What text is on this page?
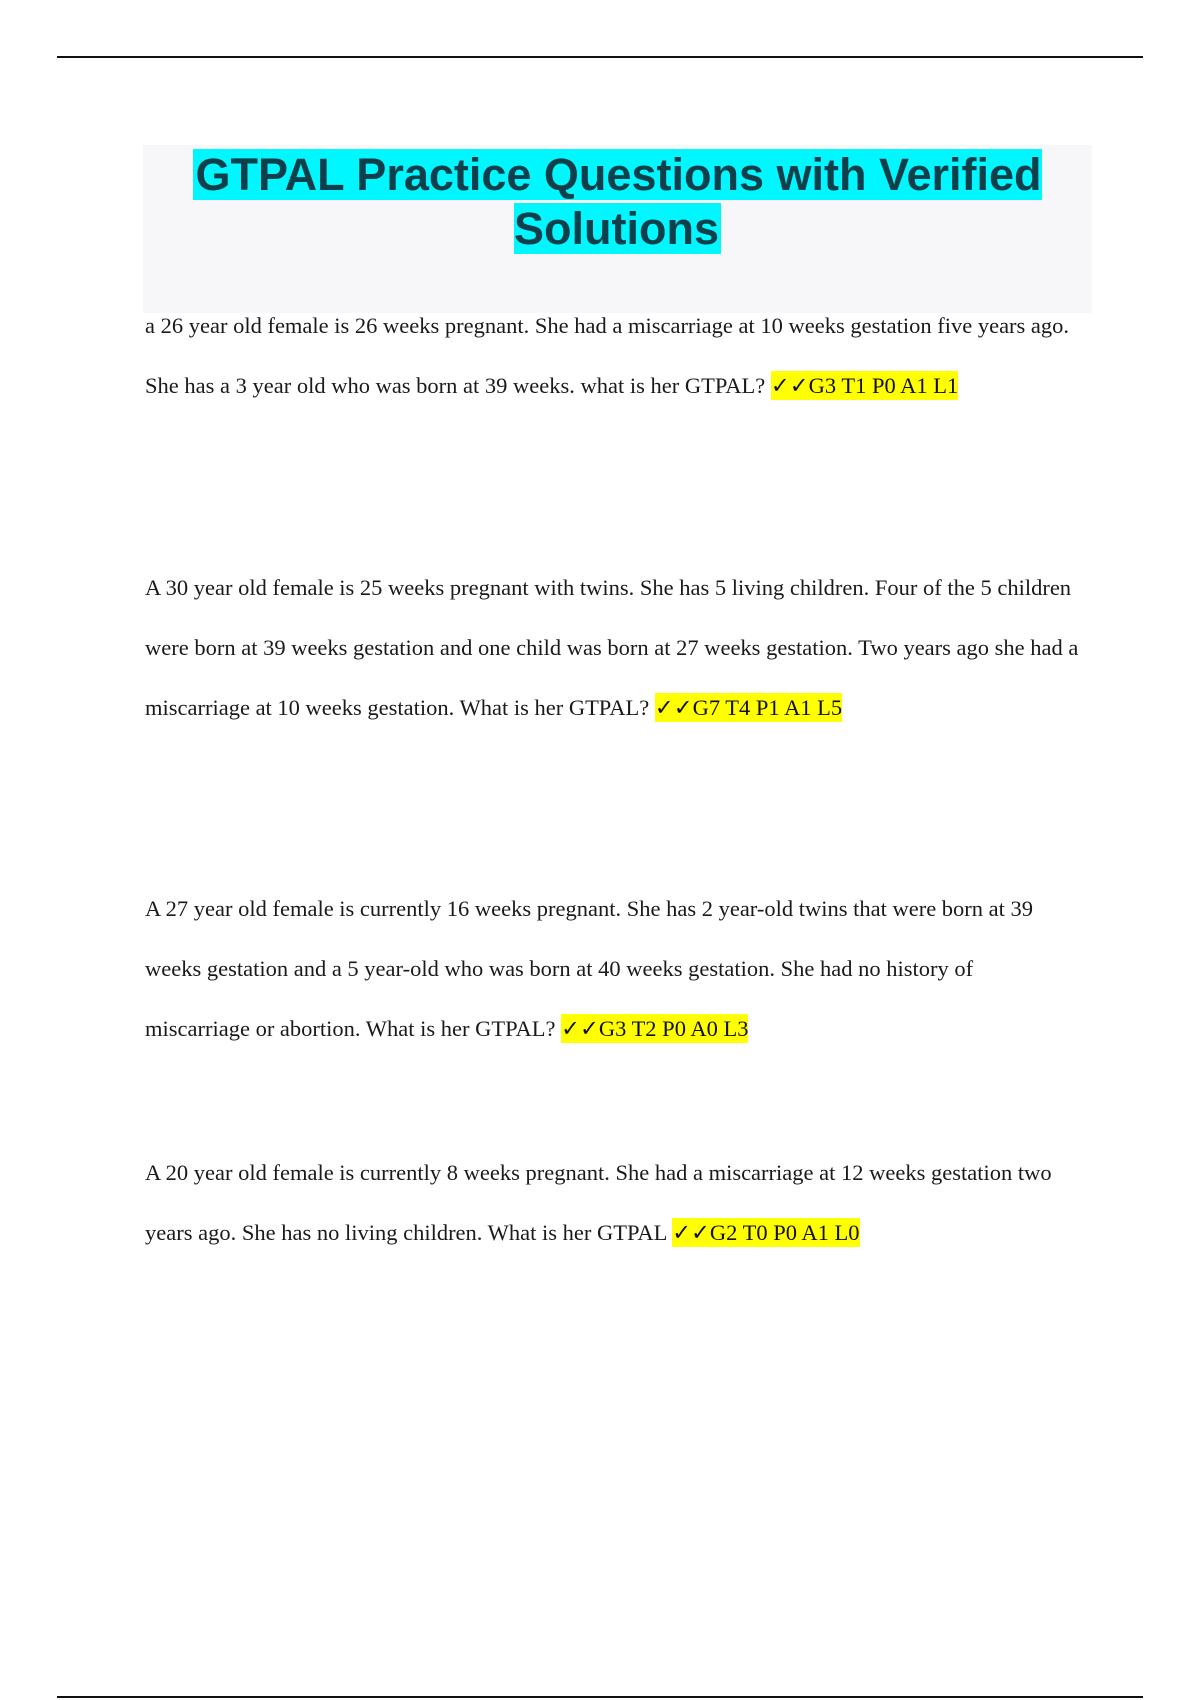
GTPAL Practice Questions with Verified Solutions

a 26 year old female is 26 weeks pregnant. She had a miscarriage at 10 weeks gestation five years ago. She has a 3 year old who was born at 39 weeks. what is her GTPAL? ✓✓G3 T1 P0 A1 L1

A 30 year old female is 25 weeks pregnant with twins. She has 5 living children. Four of the 5 children were born at 39 weeks gestation and one child was born at 27 weeks gestation. Two years ago she had a miscarriage at 10 weeks gestation. What is her GTPAL? ✓✓G7 T4 P1 A1 L5

A 27 year old female is currently 16 weeks pregnant. She has 2 year-old twins that were born at 39 weeks gestation and a 5 year-old who was born at 40 weeks gestation. She had no history of miscarriage or abortion. What is her GTPAL? ✓✓G3 T2 P0 A0 L3

A 20 year old female is currently 8 weeks pregnant. She had a miscarriage at 12 weeks gestation two years ago. She has no living children. What is her GTPAL ✓✓G2 T0 P0 A1 L0
